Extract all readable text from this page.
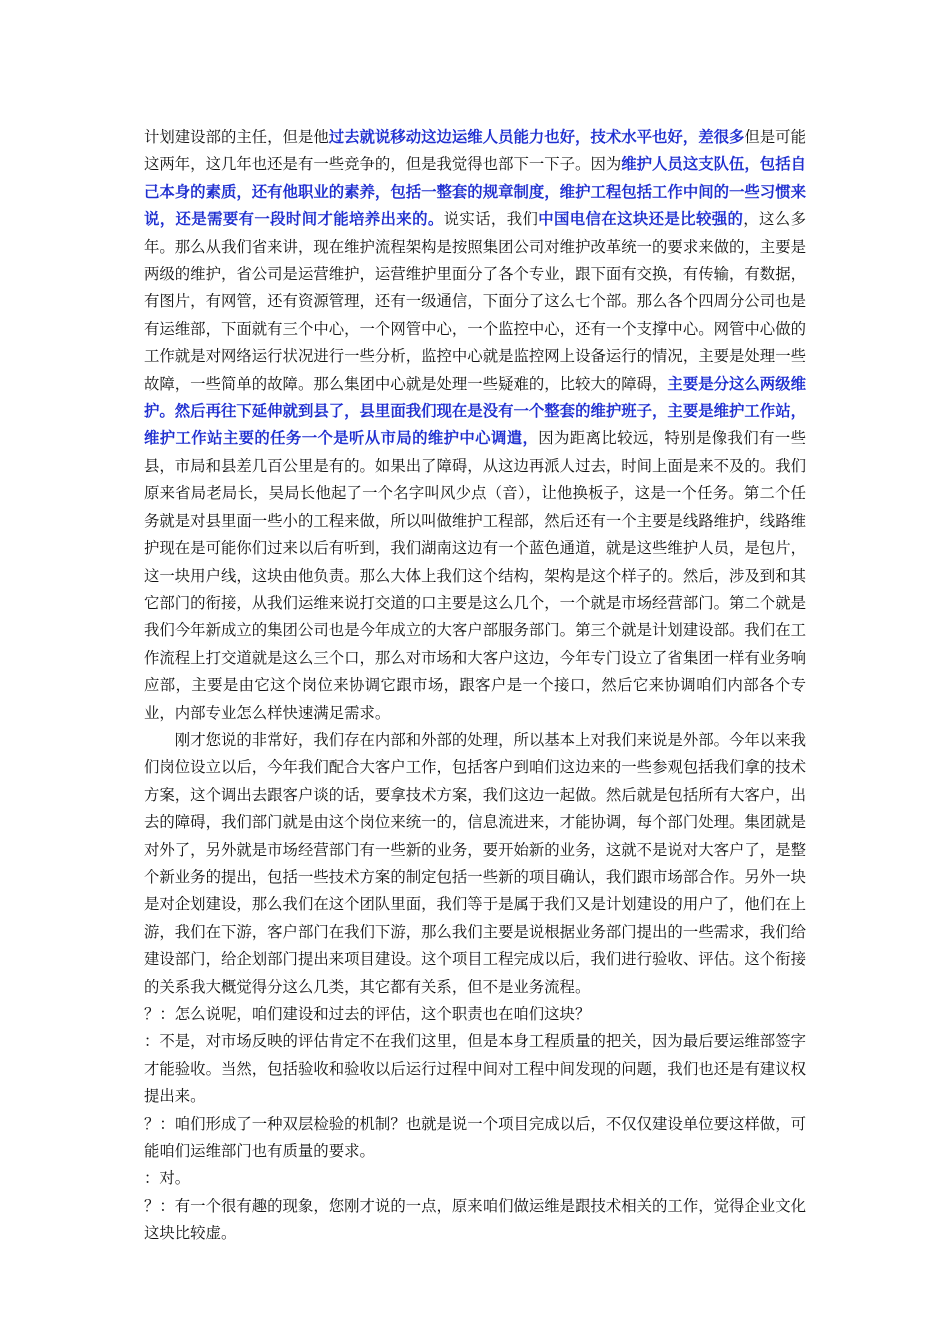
计划建设部的主任，但是他过去就说移动这边运维人员能力也好，技术水平也好，差很多但是可能这两年，这几年也还是有一些竞争的，但是我觉得也部下一下子。因为维护人员这支队伍，包括自己本身的素质，还有他职业的素养，包括一整套的规章制度，维护工程包括工作中间的一些习惯来说，还是需要有一段时间才能培养出来的。说实话，我们中国电信在这块还是比较强的，这么多年。那么从我们省来讲，现在维护流程架构是按照集团公司对维护改革统一的要求来做的，主要是两级的维护，省公司是运营维护，运营维护里面分了各个专业，跟下面有交换，有传输，有数据，有图片，有网管，还有资源管理，还有一级通信，下面分了这么七个部。那么各个四周分公司也是有运维部，下面就有三个中心，一个网管中心，一个监控中心，还有一个支撑中心。网管中心做的工作就是对网络运行状况进行一些分析，监控中心就是监控网上设备运行的情况，主要是处理一些故障，一些简单的故障。那么集团中心就是处理一些疑难的，比较大的障碍，主要是分这么两级维护。然后再往下延伸就到县了，县里面我们现在是没有一个整套的维护班子，主要是维护工作站，维护工作站主要的任务一个是听从市局的维护中心调遣，因为距离比较远，特别是像我们有一些县，市局和县差几百公里是有的。如果出了障碍，从这边再派人过去，时间上面是来不及的。我们原来省局老局长，吴局长他起了一个名字叫风少点（音），让他换板子，这是一个任务。第二个任务就是对县里面一些小的工程来做，所以叫做维护工程部，然后还有一个主要是线路维护，线路维护现在是可能你们过来以后有听到，我们湖南这边有一个蓝色通道，就是这些维护人员，是包片，这一块用户线，这块由他负责。那么大体上我们这个结构，架构是这个样子的。然后，涉及到和其它部门的衔接，从我们运维来说打交道的口主要是这么几个，一个就是市场经营部门。第二个就是我们今年新成立的集团公司也是今年成立的大客户部服务部门。第三个就是计划建设部。我们在工作流程上打交道就是这么三个口，那么对市场和大客户这边，今年专门设立了省集团一样有业务响应部，主要是由它这个岗位来协调它跟市场，跟客户是一个接口，然后它来协调咱们内部各个专业，内部专业怎么样快速满足需求。

刚才您说的非常好，我们存在内部和外部的处理，所以基本上对我们来说是外部。今年以来我们岗位设立以后，今年我们配合大客户工作，包括客户到咱们这边来的一些参观包括我们拿的技术方案，这个调出去跟客户谈的话，要拿技术方案，我们这边一起做。然后就是包括所有大客户，出去的障碍，我们部门就是由这个岗位来统一的，信息流进来，才能协调，每个部门处理。集团就是对外了，另外就是市场经营部门有一些新的业务，要开始新的业务，这就不是说对大客户了，是整个新业务的提出，包括一些技术方案的制定包括一些新的项目确认，我们跟市场部合作。另外一块是对企划建设，那么我们在这个团队里面，我们等于是属于我们又是计划建设的用户了，他们在上游，我们在下游，客户部门在我们下游，那么我们主要是说根据业务部门提出的一些需求，我们给建设部门，给企划部门提出来项目建设。这个项目工程完成以后，我们进行验收、评估。这个衔接的关系我大概觉得分这么几类，其它都有关系，但不是业务流程。

？：怎么说呢，咱们建设和过去的评估，这个职责也在咱们这块？

：不是，对市场反映的评估肯定不在我们这里，但是本身工程质量的把关，因为最后要运维部签字才能验收。当然，包括验收和验收以后运行过程中间对工程中间发现的问题，我们也还是有建议权提出来。

？：咱们形成了一种双层检验的机制？也就是说一个项目完成以后，不仅仅建设单位要这样做，可能咱们运维部门也有质量的要求。

：对。

？：有一个很有趣的现象，您刚才说的一点，原来咱们做运维是跟技术相关的工作，觉得企业文化这块比较虚。
